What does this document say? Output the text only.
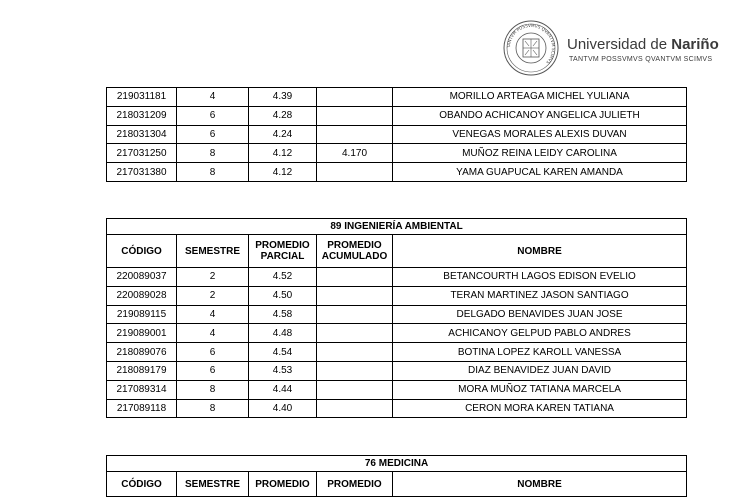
TANTVM POSSVMVS QVANTVM SCIMVS
Universidad de Nariño
TANTVM POSSVMVS QVANTVM SCIMVS
219031181	4	4.39		MORILLO ARTEAGA MICHEL YULIANA
218031209	6	4.28		OBANDO ACHICANOY ANGELICA JULIETH
218031304	6	4.24		VENEGAS MORALES ALEXIS DUVAN
217031250	8	4.12	4.170	MUÑOZ REINA LEIDY CAROLINA
217031380	8	4.12		YAMA GUAPUCAL KAREN AMANDA
89 INGENIERÍA AMBIENTAL				
CÓDIGO	SEMESTRE	PROMEDIO PARCIAL	PROMEDIO ACUMULADO	NOMBRE
220089037	2	4.52		BETANCOURTH LAGOS EDISON EVELIO
220089028	2	4.50		TERAN MARTINEZ JASON SANTIAGO
219089115	4	4.58		DELGADO BENAVIDES JUAN JOSE
219089001	4	4.48		ACHICANOY GELPUD PABLO ANDRES
218089076	6	4.54		BOTINA LOPEZ KAROLL VANESSA
218089179	6	4.53		DIAZ BENAVIDEZ JUAN DAVID
217089314	8	4.44		MORA MUÑOZ TATIANA MARCELA
217089118	8	4.40		CERON MORA KAREN TATIANA
76 MEDICINA
CÓDIGO	SEMESTRE	PROMEDIO	PROMEDIO	NOMBRE
